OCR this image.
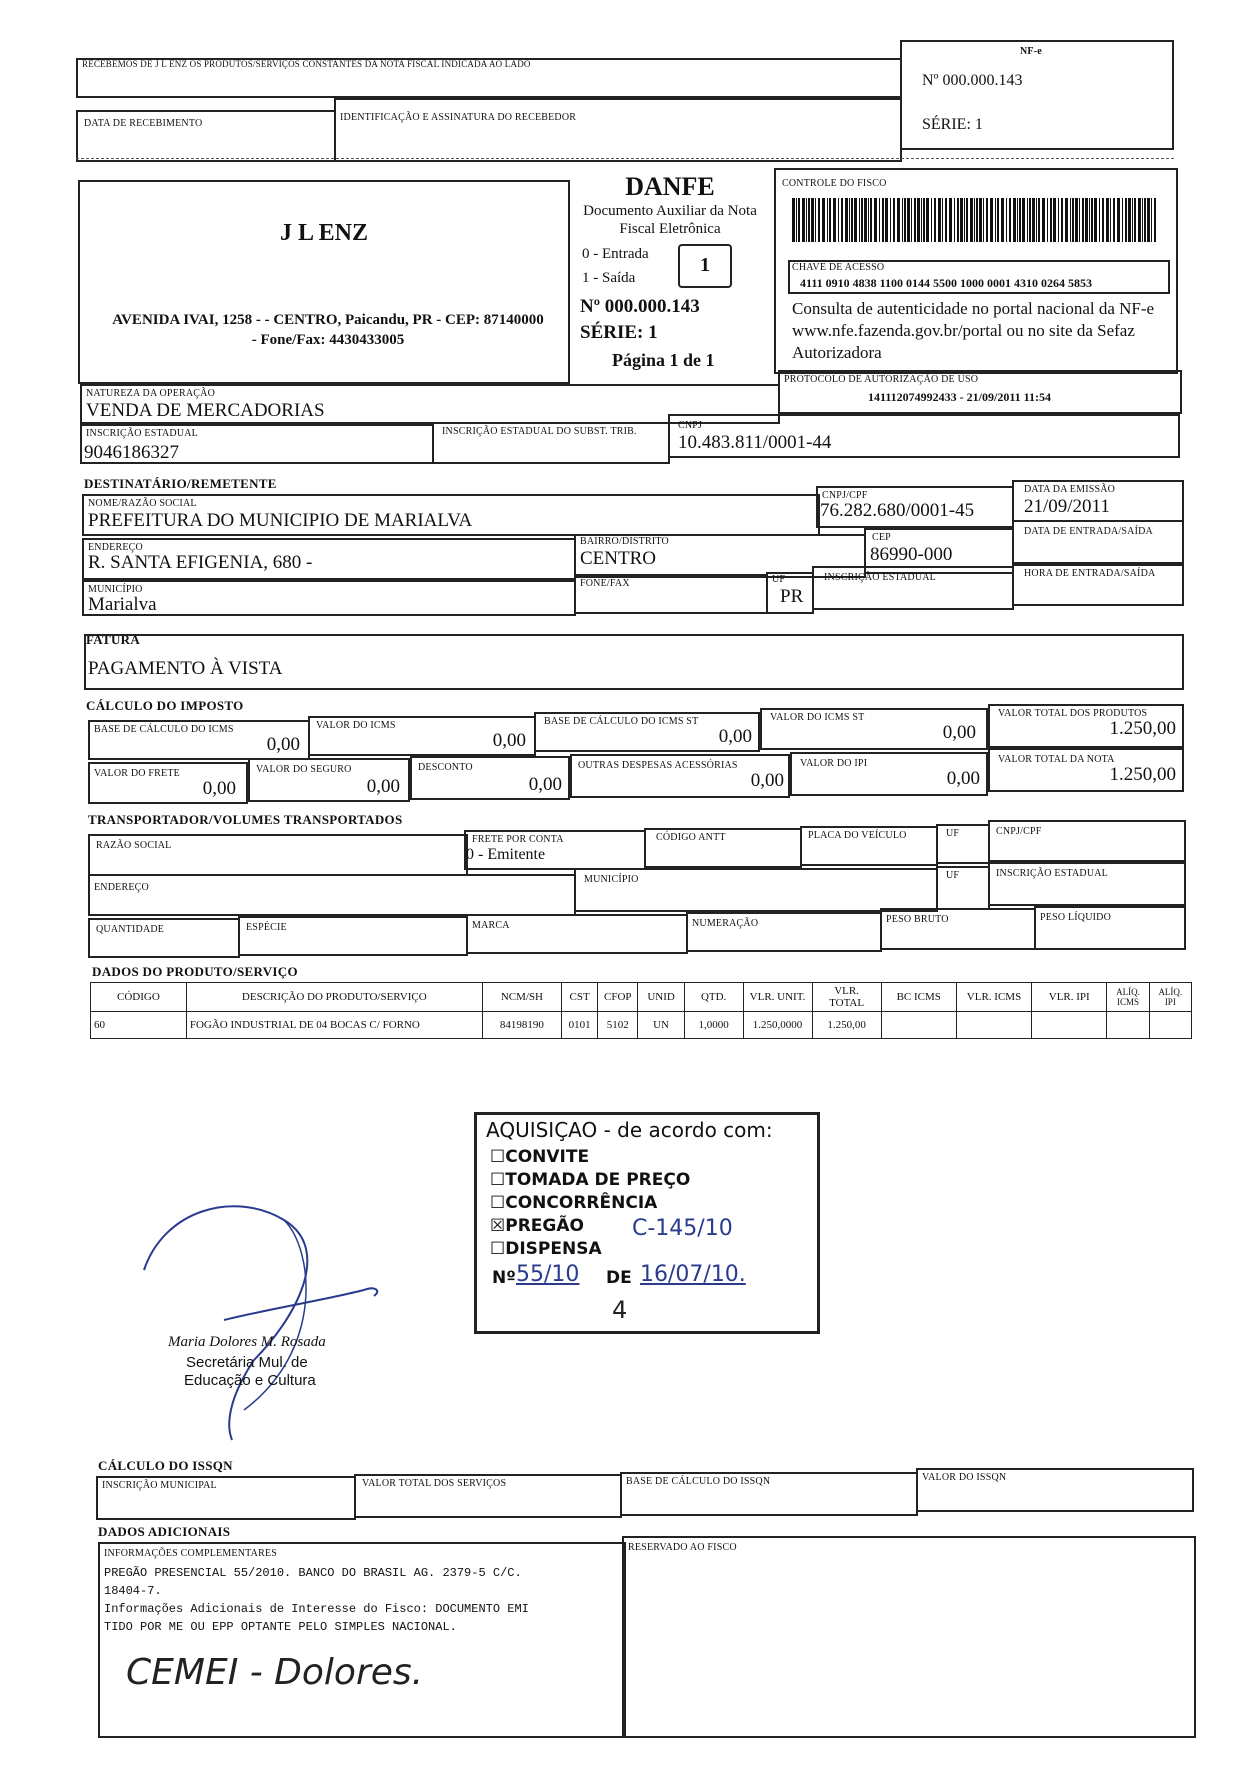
RECEBEMOS DE J L ENZ OS PRODUTOS/SERVIÇOS CONSTANTES DA NOTA FISCAL INDICADA AO LADO
DATA DE RECEBIMENTO
IDENTIFICAÇÃO E ASSINATURA DO RECEBEDOR
NF-e
Nº 000.000.143
SÉRIE: 1
J L ENZ
AVENIDA IVAI, 1258 - - CENTRO, Paicandu, PR - CEP: 87140000 - Fone/Fax: 4430433005
DANFE
Documento Auxiliar da Nota Fiscal Eletrônica
0 - Entrada
1 - Saída
1
Nº 000.000.143
SÉRIE: 1
Página 1 de 1
CONTROLE DO FISCO
CHAVE DE ACESSO
4111 0910 4838 1100 0144 5500 1000 0001 4310 0264 5853
Consulta de autenticidade no portal nacional da NF-e www.nfe.fazenda.gov.br/portal ou no site da Sefaz Autorizadora
PROTOCOLO DE AUTORIZAÇÃO DE USO
141112074992433 - 21/09/2011 11:54
NATUREZA DA OPERAÇÃO
VENDA DE MERCADORIAS
INSCRIÇÃO ESTADUAL
9046186327
INSCRIÇÃO ESTADUAL DO SUBST. TRIB.
CNPJ
10.483.811/0001-44
DESTINATÁRIO/REMETENTE
NOME/RAZÃO SOCIAL
PREFEITURA DO MUNICIPIO DE MARIALVA
CNPJ/CPF
76.282.680/0001-45
DATA DA EMISSÃO
21/09/2011
ENDEREÇO
R. SANTA EFIGENIA, 680 -
BAIRRO/DISTRITO
CENTRO
CEP
86990-000
DATA DE ENTRADA/SAÍDA
MUNICÍPIO
Marialva
FONE/FAX	UF
PR
INSCRIÇÃO ESTADUAL	HORA DE ENTRADA/SAÍDA
FATURA
PAGAMENTO À VISTA
CÁLCULO DO IMPOSTO
BASE DE CÁLCULO DO ICMS
0,00
VALOR DO ICMS
0,00
BASE DE CÁLCULO DO ICMS ST
0,00
VALOR DO ICMS ST
0,00
VALOR TOTAL DOS PRODUTOS
1.250,00
VALOR DO FRETE
0,00
VALOR DO SEGURO
0,00
DESCONTO
0,00
OUTRAS DESPESAS ACESSÓRIAS
0,00
VALOR DO IPI
0,00
VALOR TOTAL DA NOTA
1.250,00
TRANSPORTADOR/VOLUMES TRANSPORTADOS
RAZÃO SOCIAL
FRETE POR CONTA
0 - Emitente
CÓDIGO ANTT	PLACA DO VEÍCULO	UF	CNPJ/CPF
ENDEREÇO
MUNICÍPIO	UF	INSCRIÇÃO ESTADUAL
QUANTIDADE	ESPÉCIE	MARCA	NUMERAÇÃO	PESO BRUTO	PESO LÍQUIDO
DADOS DO PRODUTO/SERVIÇO
CÓDIGO	DESCRIÇÃO DO PRODUTO/SERVIÇO	NCM/SH	CST	CFOP	UNID	QTD.	VLR. UNIT.	VLR. TOTAL	BC ICMS	VLR. ICMS	VLR. IPI	ALÍQ. ICMS	ALÍQ. IPI
60	FOGÃO INDUSTRIAL DE 04 BOCAS C/ FORNO	84198190	0101	5102	UN	1,0000	1.250,0000	1.250,00					
AQUISIÇAO - de acordo com:
☐CONVITE
☐TOMADA DE PREÇO
☐CONCORRÊNCIA
☒PREGÃO
☐DISPENSA
Nº 55/10 DE 16/07/10.
C-145/10
4
Maria Dolores M. Rosada
Secretária Mul. de
Educação e Cultura
CÁLCULO DO ISSQN
INSCRIÇÃO MUNICIPAL	VALOR TOTAL DOS SERVIÇOS	BASE DE CÁLCULO DO ISSQN	VALOR DO ISSQN
DADOS ADICIONAIS
INFORMAÇÕES COMPLEMENTARES
PREGÃO PRESENCIAL 55/2010. BANCO DO BRASIL AG. 2379-5 C/C.
18404-7.
Informações Adicionais de Interesse do Fisco: DOCUMENTO EMI
TIDO POR ME OU EPP OPTANTE PELO SIMPLES NACIONAL.
CEMEI - Dolores.
RESERVADO AO FISCO
